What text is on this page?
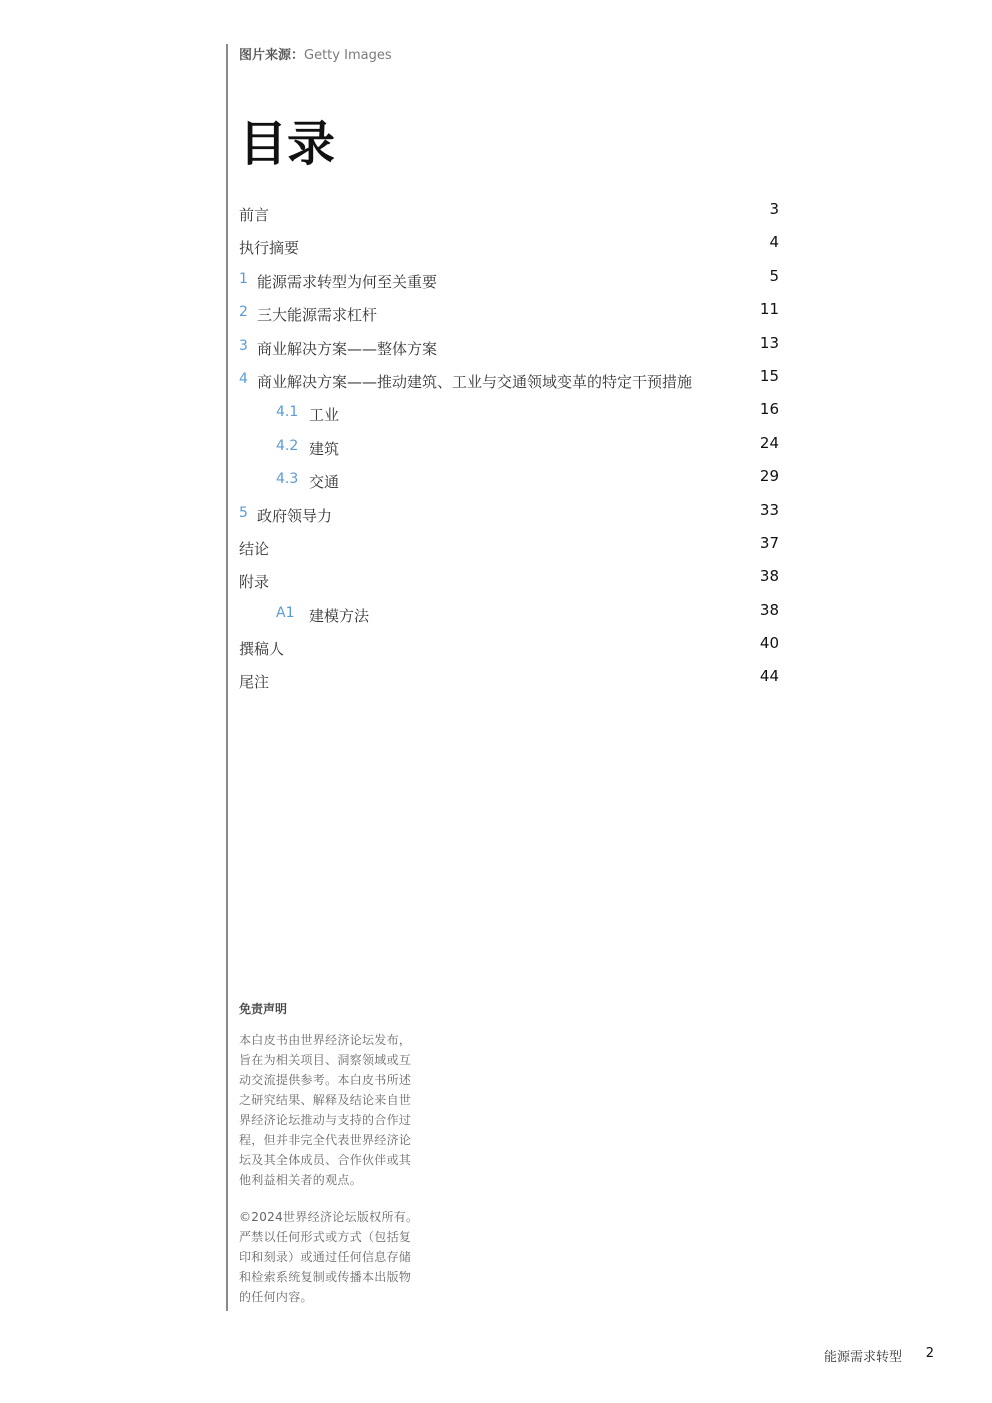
图片来源：Getty Images
目录
前言	3
执行摘要	4
1 能源需求转型为何至关重要	5
2 三大能源需求杠杆	11
3 商业解决方案——整体方案	13
4 商业解决方案——推动建筑、工业与交通领域变革的特定干预措施	15
4.1 工业	16
4.2 建筑	24
4.3 交通	29
5 政府领导力	33
结论	37
附录	38
A1 建模方法	38
撰稿人	40
尾注	44
免责声明

本白皮书由世界经济论坛发布，旨在为相关项目、洞察领域或互动交流提供参考。本白皮书所述之研究结果、解释及结论来自世界经济论坛推动与支持的合作过程，但并非完全代表世界经济论坛及其全体成员、合作伙伴或其他利益相关者的观点。

©2024世界经济论坛版权所有。严禁以任何形式或方式（包括复印和刻录）或通过任何信息存储和检索系统复制或传播本出版物的任何内容。

能源需求转型 2
